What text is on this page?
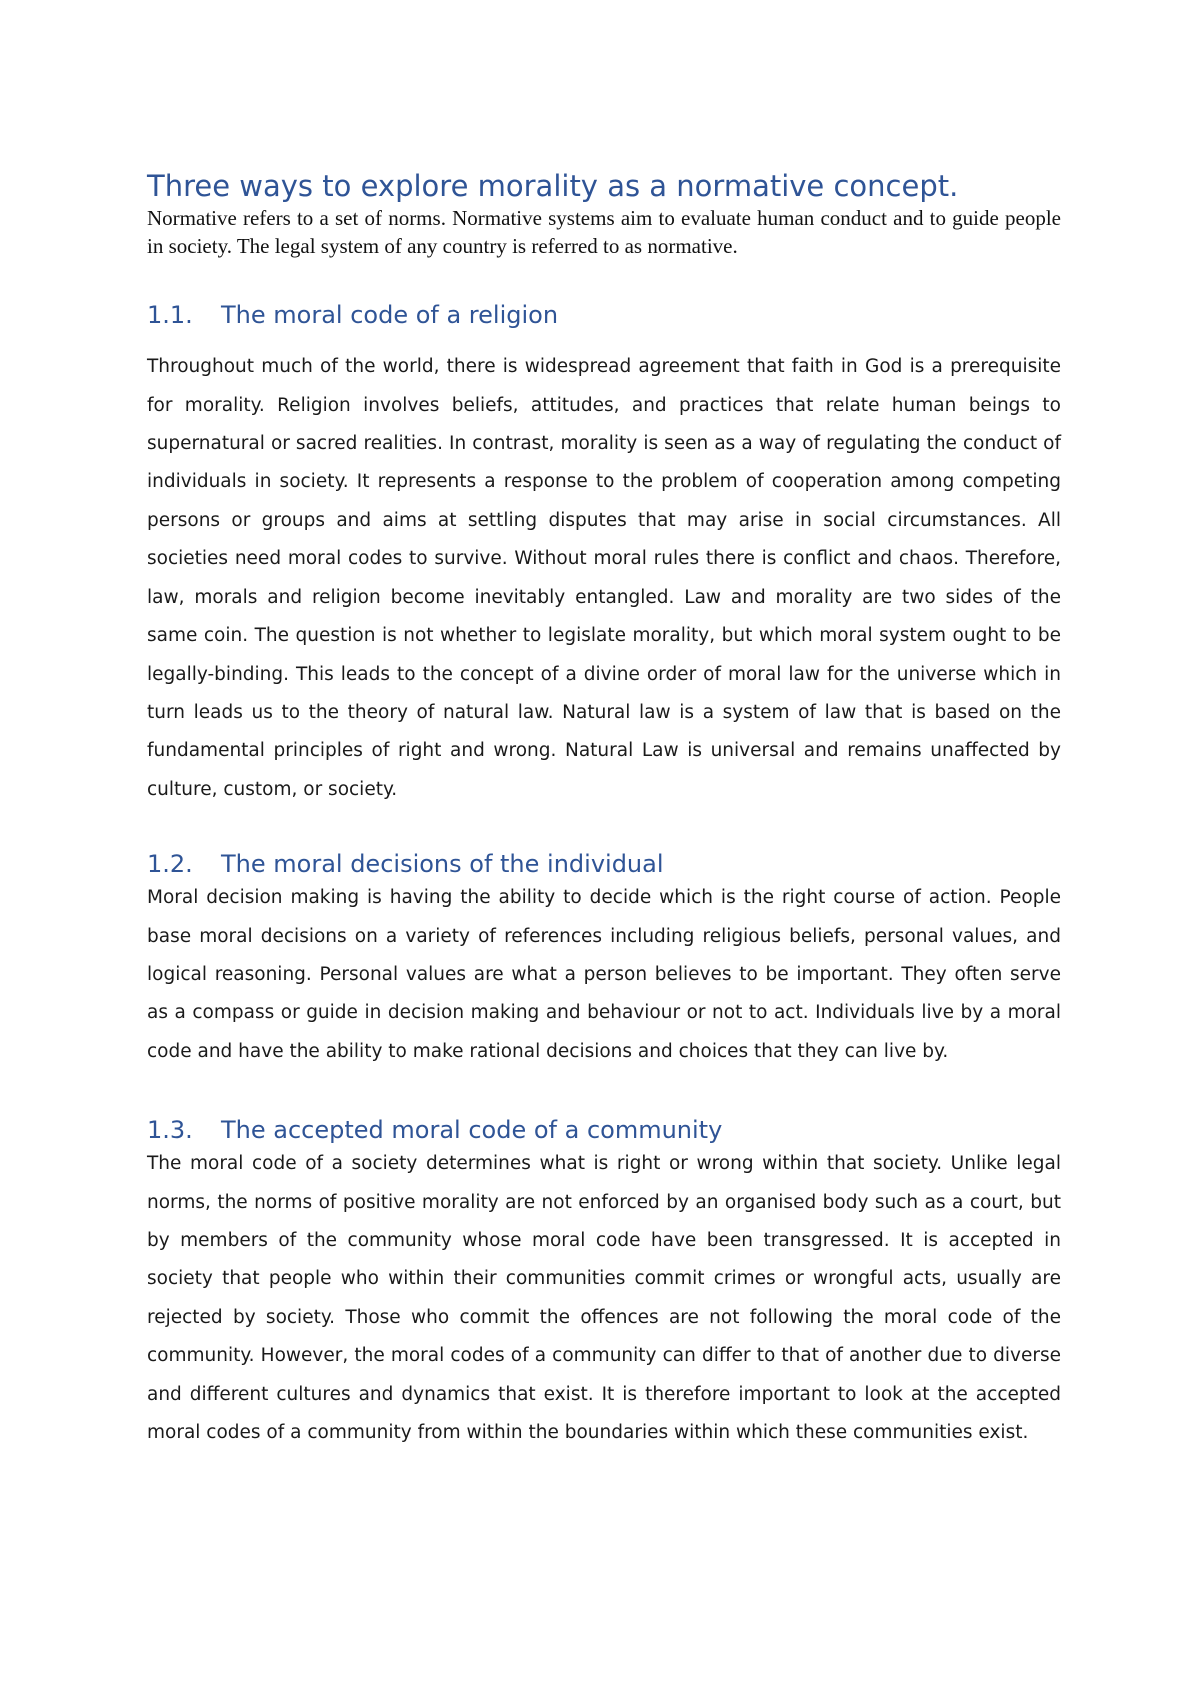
Three ways to explore morality as a normative concept.

Normative refers to a set of norms. Normative systems aim to evaluate human conduct and to guide people in society. The legal system of any country is referred to as normative.

1.1.	The moral code of a religion

Throughout much of the world, there is widespread agreement that faith in God is a prerequisite for morality. Religion involves beliefs, attitudes, and practices that relate human beings to supernatural or sacred realities. In contrast, morality is seen as a way of regulating the conduct of individuals in society. It represents a response to the problem of cooperation among competing persons or groups and aims at settling disputes that may arise in social circumstances. All societies need moral codes to survive. Without moral rules there is conflict and chaos. Therefore, law, morals and religion become inevitably entangled. Law and morality are two sides of the same coin. The question is not whether to legislate morality, but which moral system ought to be legally-binding. This leads to the concept of a divine order of moral law for the universe which in turn leads us to the theory of natural law. Natural law is a system of law that is based on the fundamental principles of right and wrong. Natural Law is universal and remains unaffected by culture, custom, or society.

1.2.	The moral decisions of the individual

Moral decision making is having the ability to decide which is the right course of action. People base moral decisions on a variety of references including religious beliefs, personal values, and logical reasoning. Personal values are what a person believes to be important. They often serve as a compass or guide in decision making and behaviour or not to act. Individuals live by a moral code and have the ability to make rational decisions and choices that they can live by.

1.3.	The accepted moral code of a community

The moral code of a society determines what is right or wrong within that society. Unlike legal norms, the norms of positive morality are not enforced by an organised body such as a court, but by members of the community whose moral code have been transgressed. It is accepted in society that people who within their communities commit crimes or wrongful acts, usually are rejected by society. Those who commit the offences are not following the moral code of the community. However, the moral codes of a community can differ to that of another due to diverse and different cultures and dynamics that exist. It is therefore important to look at the accepted moral codes of a community from within the boundaries within which these communities exist.
